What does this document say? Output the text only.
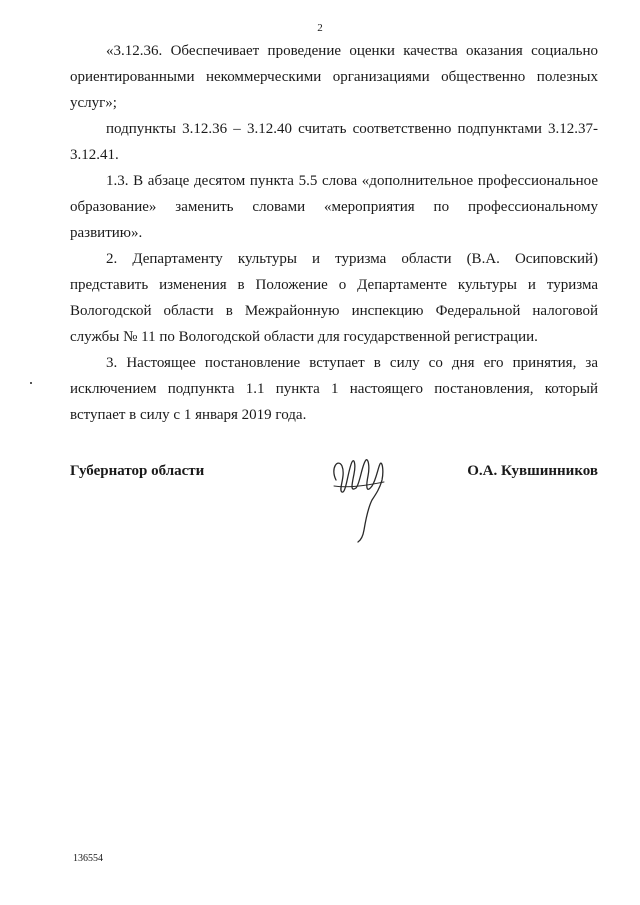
2

«3.12.36. Обеспечивает проведение оценки качества оказания социально ориентированными некоммерческими организациями общественно полезных услуг»;

подпункты 3.12.36 – 3.12.40 считать соответственно подпунктами 3.12.37-3.12.41.

1.3. В абзаце десятом пункта 5.5 слова «дополнительное профессиональное образование» заменить словами «мероприятия по профессиональному развитию».

2. Департаменту культуры и туризма области (В.А. Осиповский) представить изменения в Положение о Департаменте культуры и туризма Вологодской области в Межрайонную инспекцию Федеральной налоговой службы № 11 по Вологодской области для государственной регистрации.

3. Настоящее постановление вступает в силу со дня его принятия, за исключением подпункта 1.1 пункта 1 настоящего постановления, который вступает в силу с 1 января 2019 года.

Губернатор области	О.А. Кувшинников
136554
